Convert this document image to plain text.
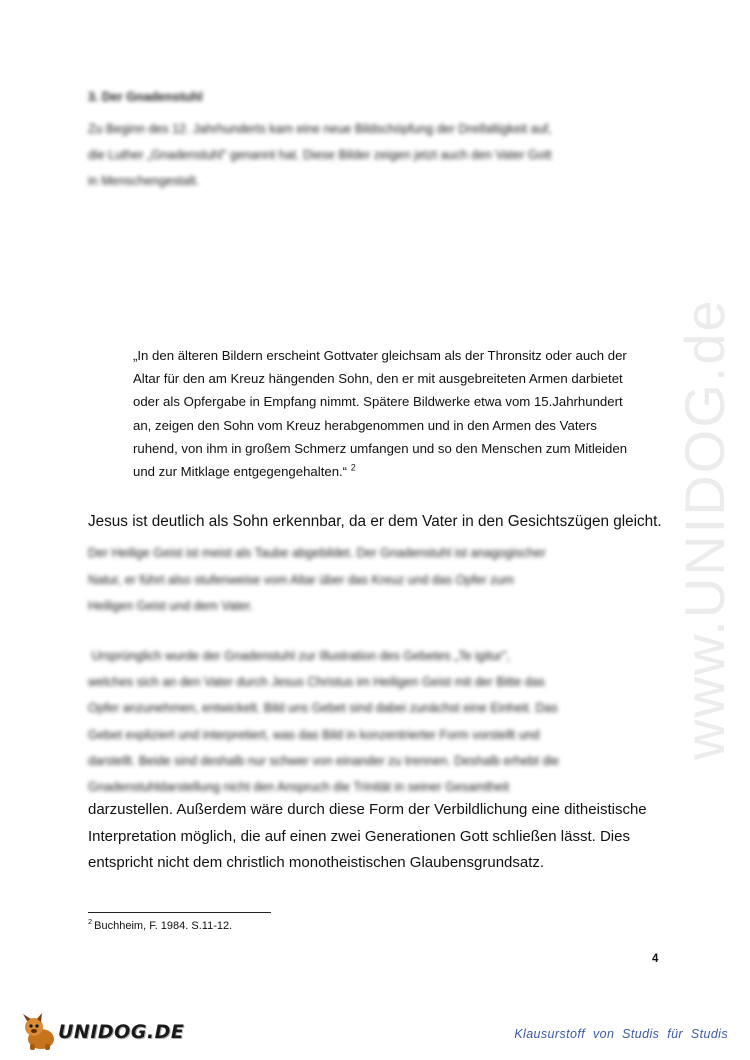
3. Der Gnadenstuhl
Zu Beginn des 12. Jahrhunderts kam eine neue Bildschöpfung der Dreifaltigkeit auf,
die Luther „Gnadenstuhl" genannt hat. Diese Bilder zeigen jetzt auch den Vater Gott
in Menschengestalt.
„In den älteren Bildern erscheint Gottvater gleichsam als der Thronsitz oder auch der
Altar für den am Kreuz hängenden Sohn, den er mit ausgebreiteten Armen darbietet
oder als Opfergabe in Empfang nimmt. Spätere Bildwerke etwa vom 15.Jahrhundert
an, zeigen den Sohn vom Kreuz herabgenommen und in den Armen des Vaters
ruhend, von ihm in großem Schmerz umfangen und so den Menschen zum Mitleiden
und zur Mitklage entgegengehalten.“ $^2$
Jesus ist deutlich als Sohn erkennbar, da er dem Vater in den Gesichtszügen gleicht.
Der Heilige Geist ist meist als Taube abgebildet. Der Gnadenstuhl ist anagogischer
Natur, er führt also stufenweise vom Altar über das Kreuz und das Opfer zum
Heiligen Geist und dem Vater.
Ursprünglich wurde der Gnadenstuhl zur Illustration des Gebetes „Te igitur",
welches sich an den Vater durch Jesus Christus im Heiligen Geist mit der Bitte das
Opfer anzunehmen, entwickelt. Bild uns Gebet sind dabei zunächst eine Einheit. Das
Gebet expliziert und interpretiert, was das Bild in konzentrierter Form vorstellt und
darstellt. Beide sind deshalb nur schwer von einander zu trennen. Deshalb erhebt die
Gnadenstuhldarstellung nicht den Anspruch die Trinität in seiner Gesamtheit
darzustellen. Außerdem wäre durch diese Form der Verbildlichung eine ditheistische
Interpretation möglich, die auf einen zwei Generationen Gott schließen lässt. Dies
entspricht nicht dem christlich monotheistischen Glaubensgrundsatz.
$^2$ Buchheim, F. 1984. S.11-12.
4
www.UNIDOG.de
UNIDOG.DE	Klausurstoff von Studis für Studis
